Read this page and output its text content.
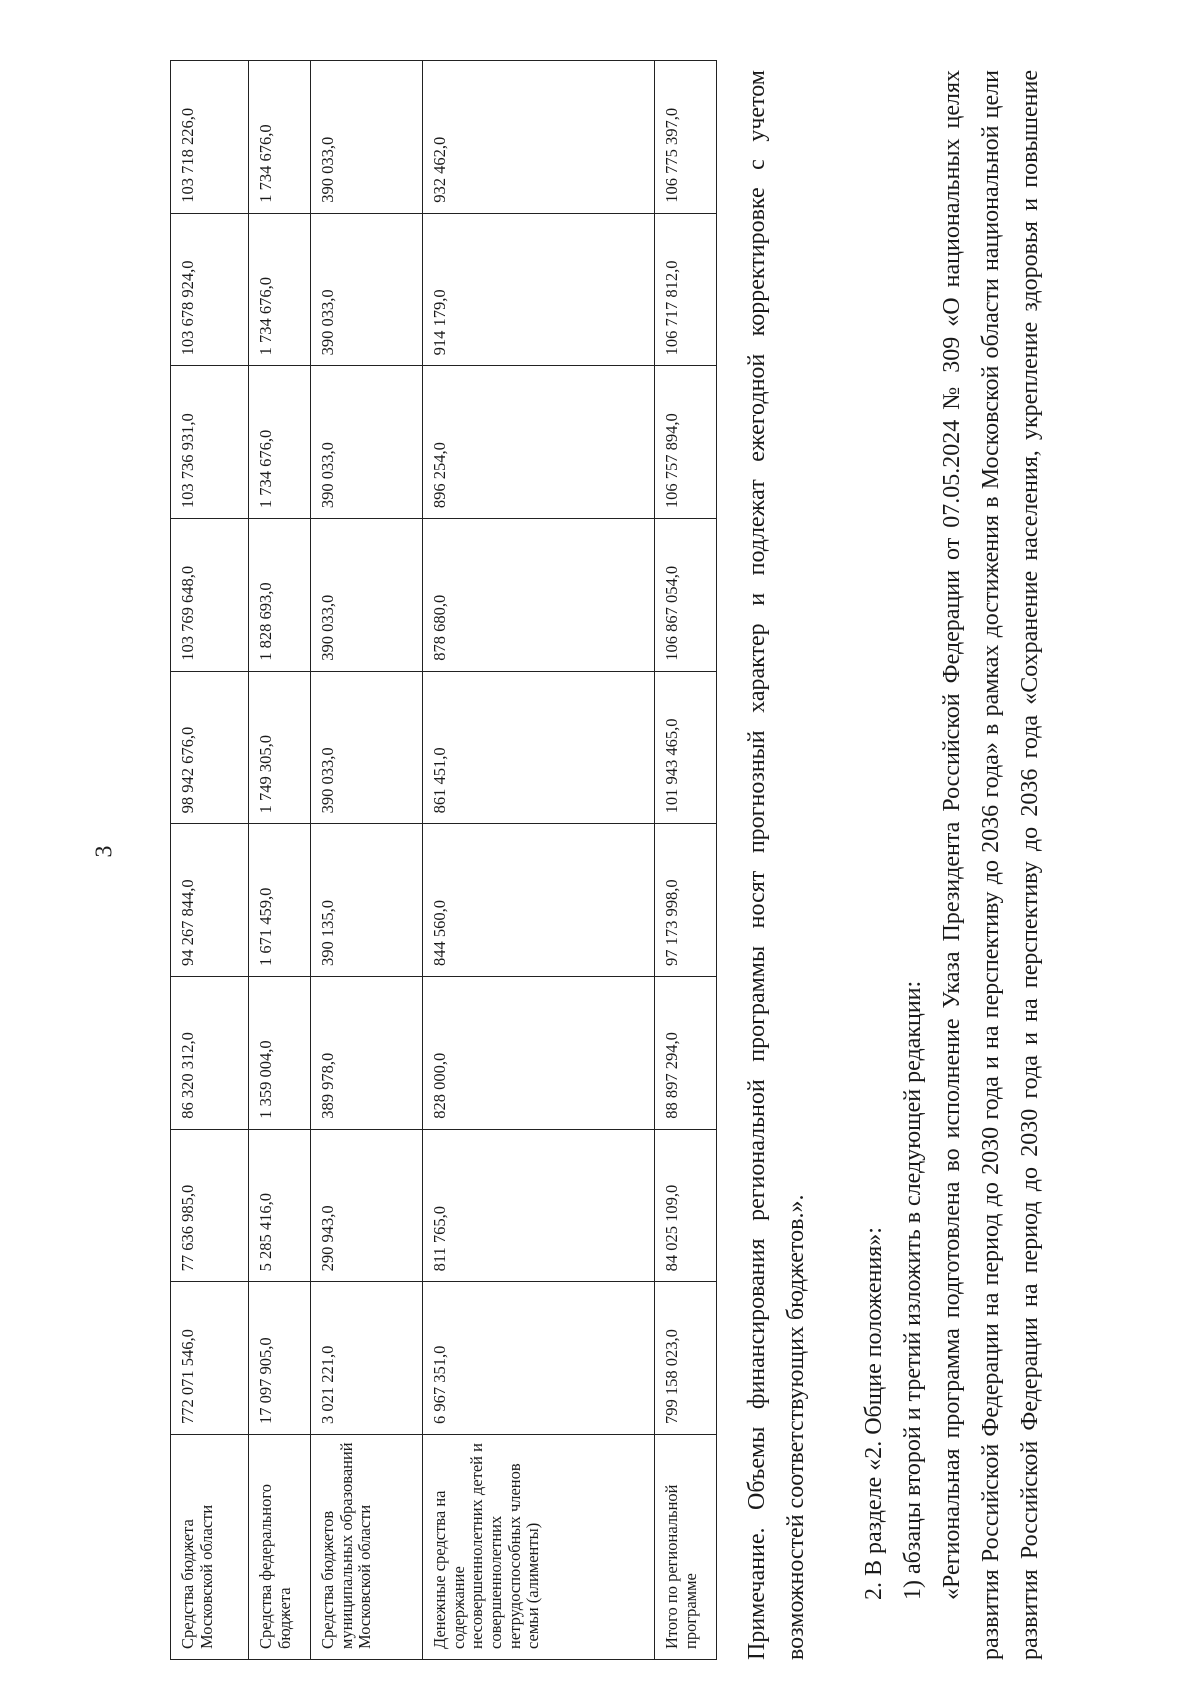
3
Средства бюджета Московской области	772 071 546,0	77 636 985,0	86 320 312,0	94 267 844,0	98 942 676,0	103 769 648,0	103 736 931,0	103 678 924,0	103 718 226,0
Средства федерального бюджета	17 097 905,0	5 285 416,0	1 359 004,0	1 671 459,0	1 749 305,0	1 828 693,0	1 734 676,0	1 734 676,0	1 734 676,0
Средства бюджетов муниципальных образований Московской области	3 021 221,0	290 943,0	389 978,0	390 135,0	390 033,0	390 033,0	390 033,0	390 033,0	390 033,0
Денежные средства на содержание несовершеннолетних детей и совершеннолетних нетрудоспособных членов семьи (алименты)	6 967 351,0	811 765,0	828 000,0	844 560,0	861 451,0	878 680,0	896 254,0	914 179,0	932 462,0
Итого по региональной программе	799 158 023,0	84 025 109,0	88 897 294,0	97 173 998,0	101 943 465,0	106 867 054,0	106 757 894,0	106 717 812,0	106 775 397,0	Примечание. Объемы финансирования региональной программы носят прогнозный характер и подлежат ежегодной корректировке с учетом возможностей соответствующих бюджетов.». 2. В разделе «2. Общие положения»: 1) абзацы второй и третий изложить в следующей редакции: «Региональная программа подготовлена во исполнение Указа Президента Российской Федерации от 07.05.2024 № 309 «О национальных целях развития Российской Федерации на период до 2030 года и на перспективу до 2036 года» в рамках достижения в Московской области национальной цели развития Российской Федерации на период до 2030 года и на перспективу до 2036 года «Сохранение населения, укрепление здоровья и повышение
